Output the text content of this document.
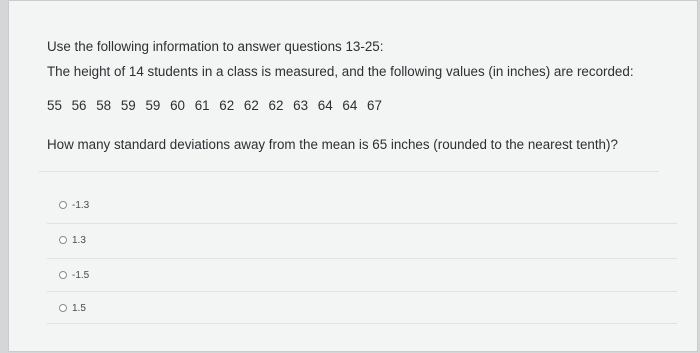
Use the following information to answer questions 13-25:
The height of 14 students in a class is measured, and the following values (in inches) are recorded:
55 56 58 59 59 60 61 62 62 62 63 64 64 67
How many standard deviations away from the mean is 65 inches (rounded to the nearest tenth)?
-1.3
1.3
-1.5
1.5
